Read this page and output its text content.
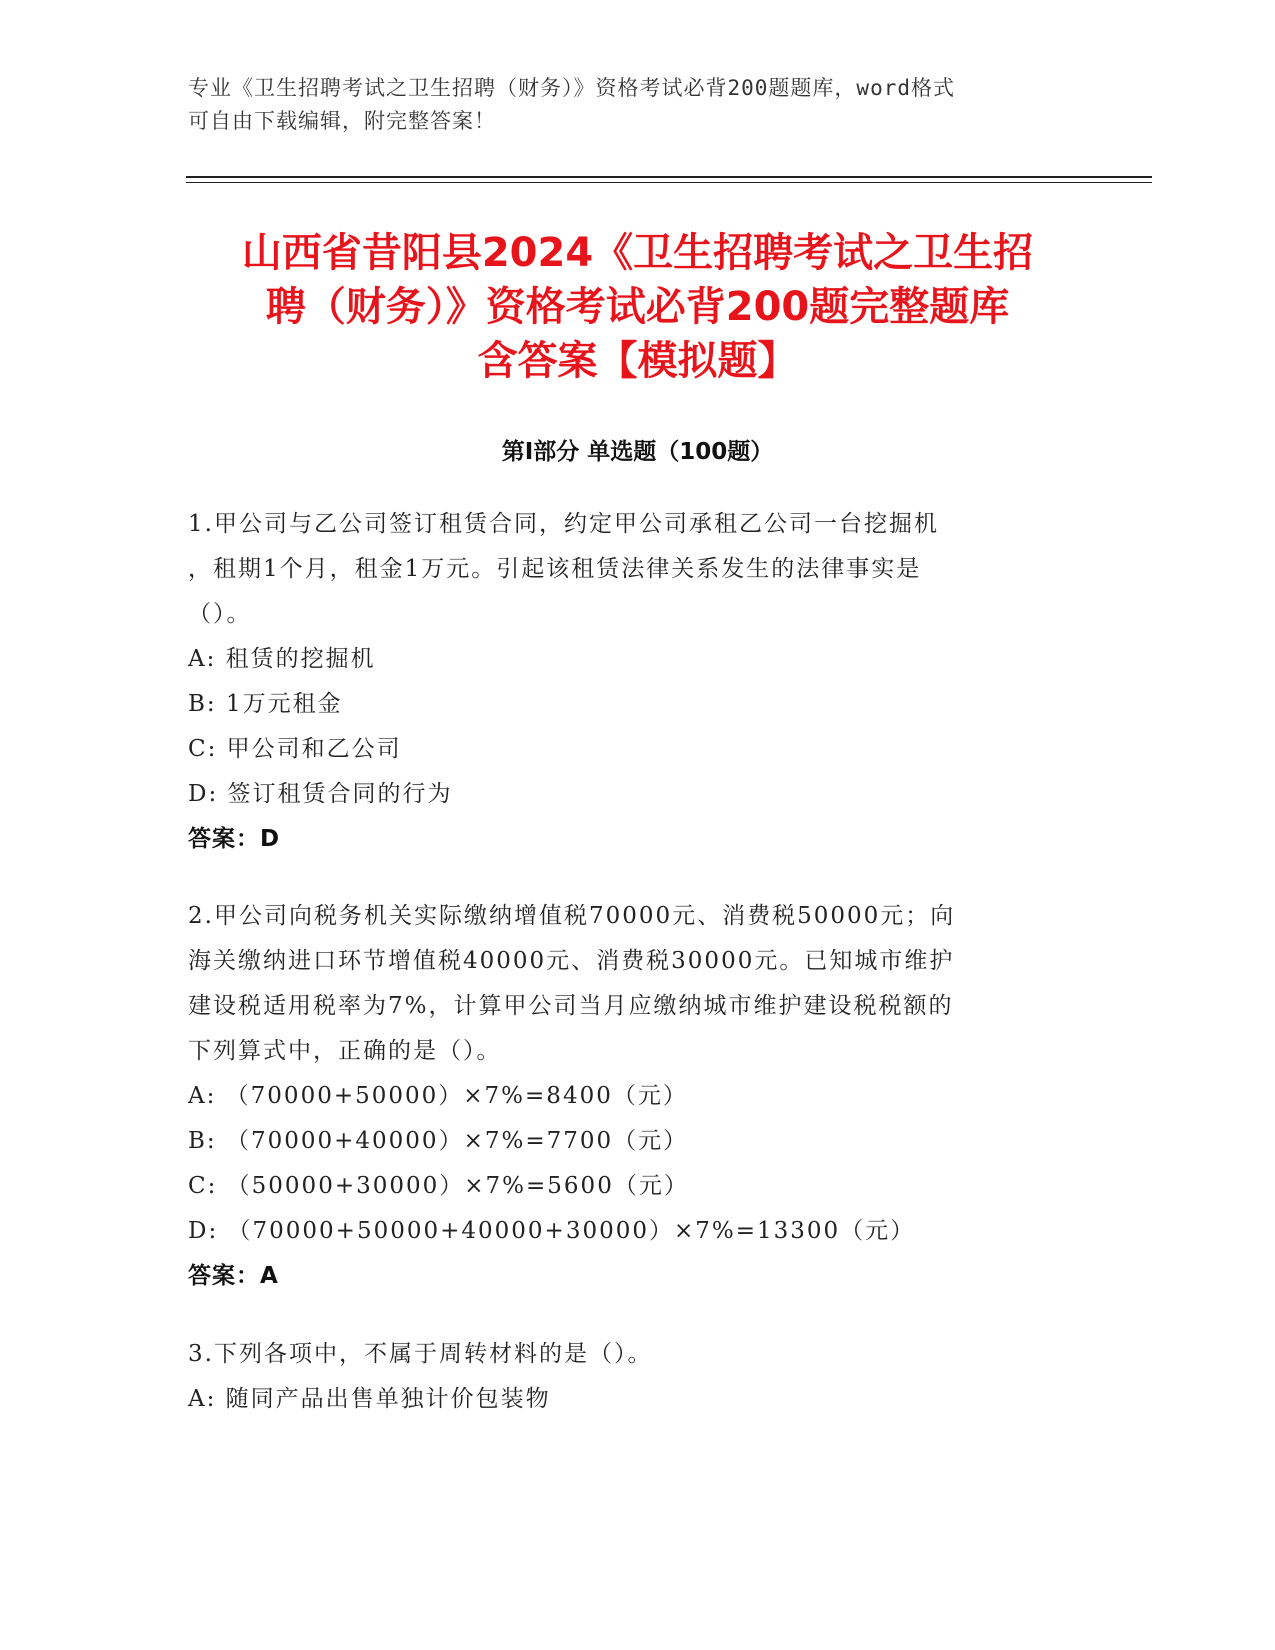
专业《卫生招聘考试之卫生招聘（财务）》资格考试必背200题题库，word格式
可自由下载编辑，附完整答案！
山西省昔阳县2024《卫生招聘考试之卫生招
聘（财务）》资格考试必背200题完整题库
含答案【模拟题】
第I部分 单选题（100题）

1.甲公司与乙公司签订租赁合同，约定甲公司承租乙公司一台挖掘机

，租期1个月，租金1万元。引起该租赁法律关系发生的法律事实是

（）。

A: 租赁的挖掘机

B: 1万元租金

C: 甲公司和乙公司

D: 签订租赁合同的行为

答案：D

2.甲公司向税务机关实际缴纳增值税70000元、消费税50000元；向

海关缴纳进口环节增值税40000元、消费税30000元。已知城市维护

建设税适用税率为7%，计算甲公司当月应缴纳城市维护建设税税额的

下列算式中，正确的是（）。

A: （70000+50000）×7%=8400（元）

B: （70000+40000）×7%=7700（元）

C: （50000+30000）×7%=5600（元）

D: （70000+50000+40000+30000）×7%=13300（元）

答案：A

3.下列各项中，不属于周转材料的是（）。

A: 随同产品出售单独计价包装物
